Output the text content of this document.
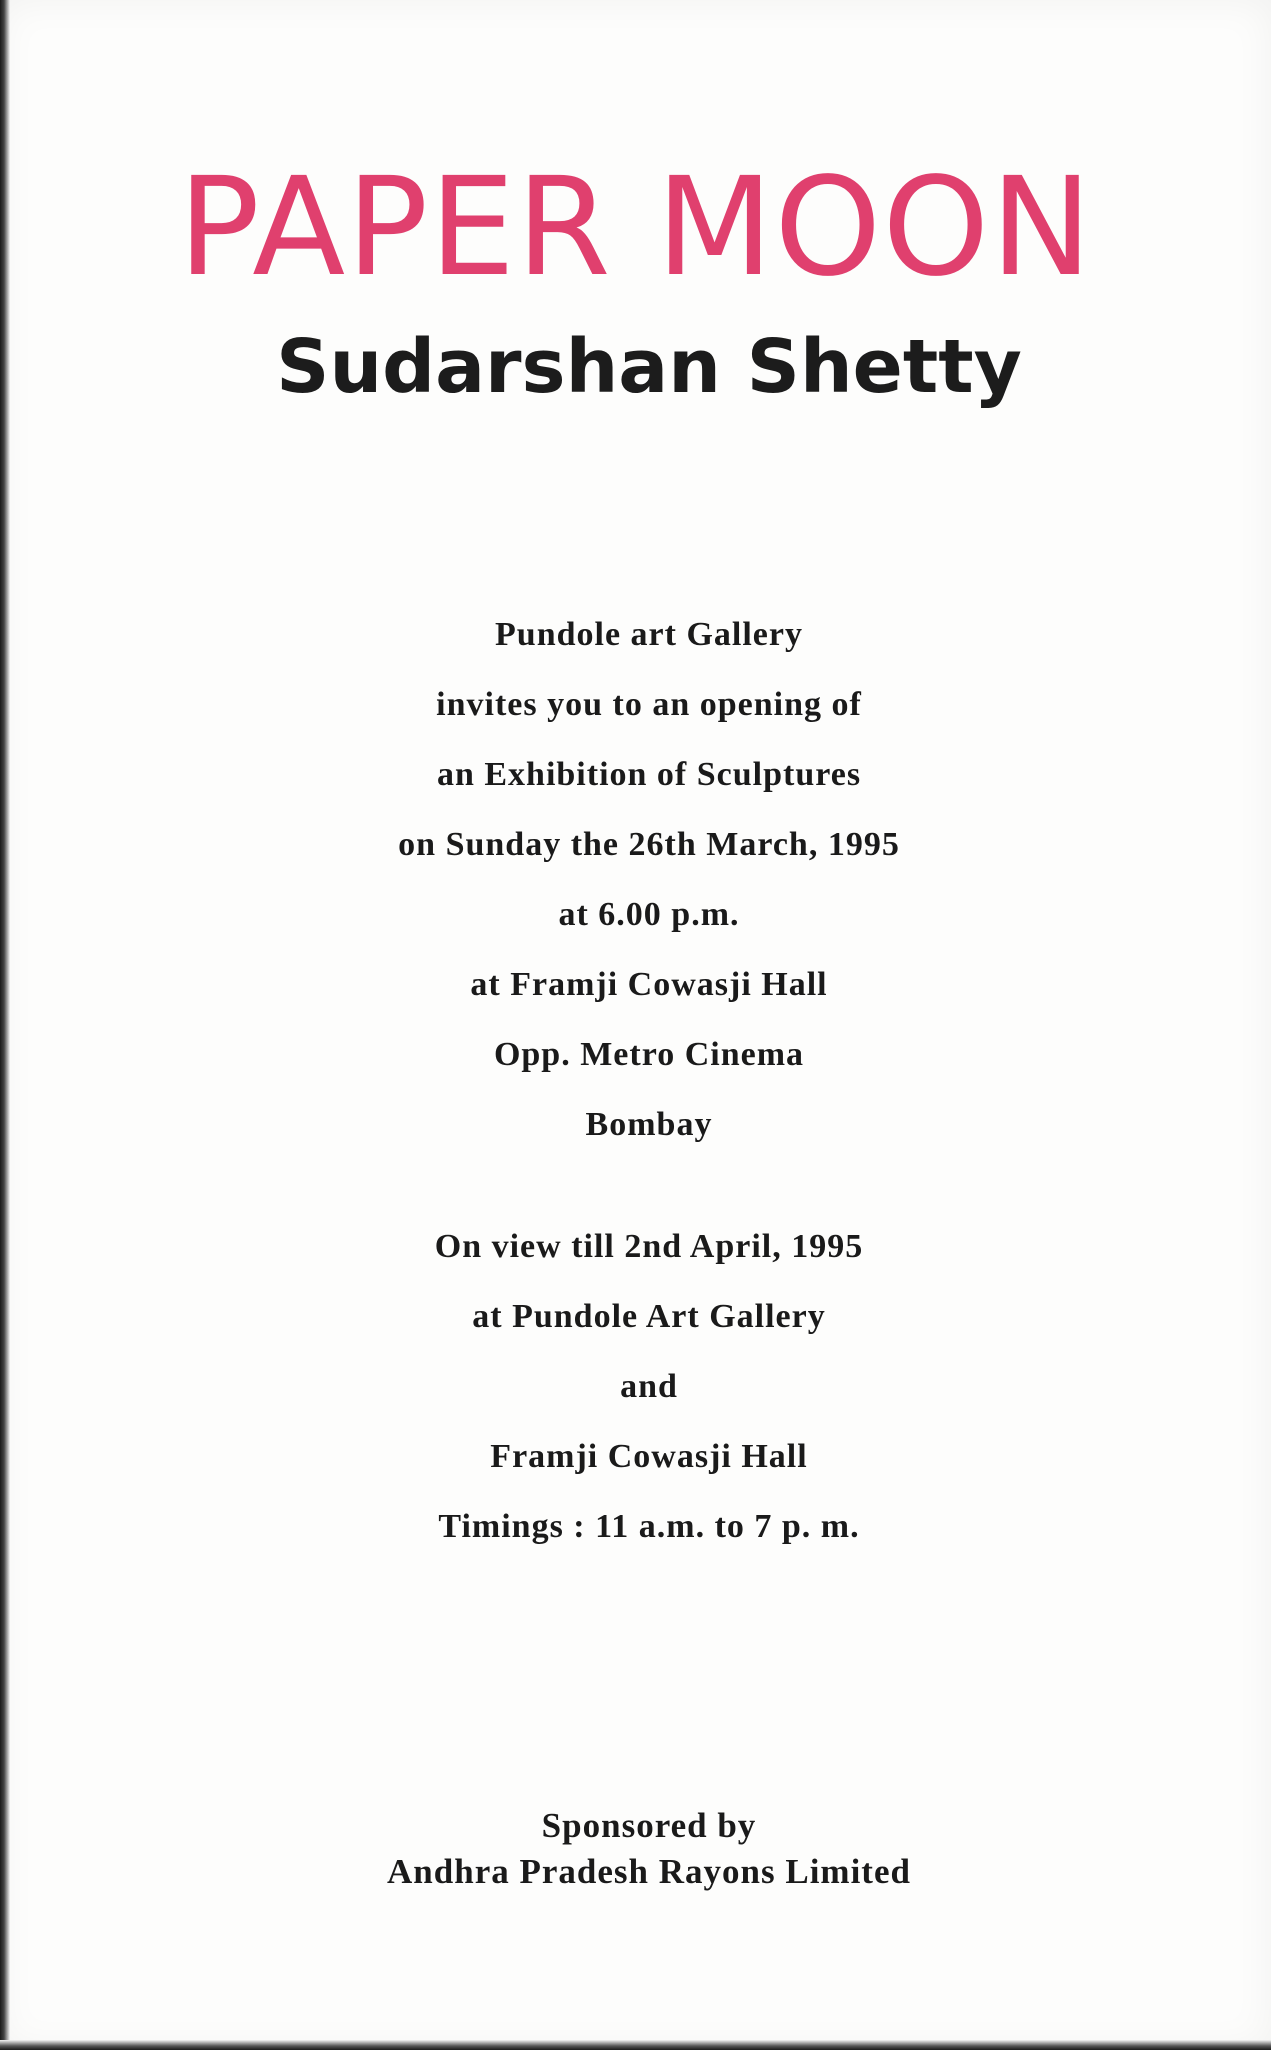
PAPER MOON
Sudarshan Shetty
Pundole art Gallery
invites you to an opening of
an Exhibition of Sculptures
on Sunday the 26th March, 1995
at 6.00 p.m.
at Framji Cowasji Hall
Opp. Metro Cinema
Bombay
On view till 2nd April, 1995
at Pundole Art Gallery
and
Framji Cowasji Hall
Timings : 11 a.m. to 7 p. m.
Sponsored by
Andhra Pradesh Rayons Limited
